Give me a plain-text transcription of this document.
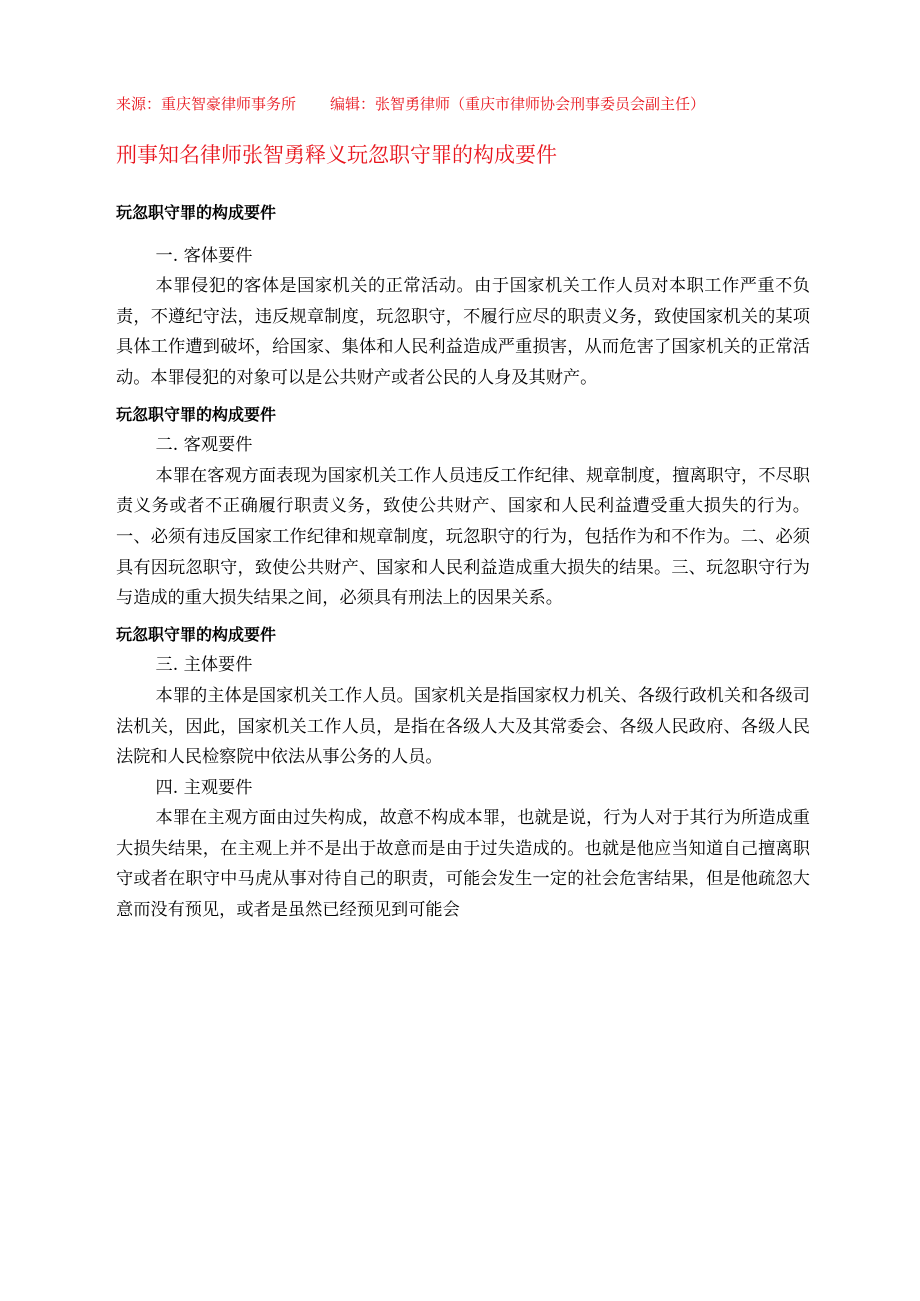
来源：重庆智豪律师事务所 编辑：张智勇律师（重庆市律师协会刑事委员会副主任）
刑事知名律师张智勇释义玩忽职守罪的构成要件

玩忽职守罪的构成要件

一. 客体要件

本罪侵犯的客体是国家机关的正常活动。由于国家机关工作人员对本职工作严重不负责，不遵纪守法，违反规章制度，玩忽职守，不履行应尽的职责义务，致使国家机关的某项具体工作遭到破坏，给国家、集体和人民利益造成严重损害，从而危害了国家机关的正常活动。本罪侵犯的对象可以是公共财产或者公民的人身及其财产。

玩忽职守罪的构成要件

二. 客观要件

本罪在客观方面表现为国家机关工作人员违反工作纪律、规章制度，擅离职守，不尽职责义务或者不正确履行职责义务，致使公共财产、国家和人民利益遭受重大损失的行为。一、必须有违反国家工作纪律和规章制度，玩忽职守的行为，包括作为和不作为。二、必须具有因玩忽职守，致使公共财产、国家和人民利益造成重大损失的结果。三、玩忽职守行为与造成的重大损失结果之间，必须具有刑法上的因果关系。

玩忽职守罪的构成要件

三. 主体要件

本罪的主体是国家机关工作人员。国家机关是指国家权力机关、各级行政机关和各级司法机关，因此，国家机关工作人员，是指在各级人大及其常委会、各级人民政府、各级人民法院和人民检察院中依法从事公务的人员。

四. 主观要件

本罪在主观方面由过失构成，故意不构成本罪，也就是说，行为人对于其行为所造成重大损失结果，在主观上并不是出于故意而是由于过失造成的。也就是他应当知道自己擅离职守或者在职守中马虎从事对待自己的职责，可能会发生一定的社会危害结果，但是他疏忽大意而没有预见，或者是虽然已经预见到可能会
